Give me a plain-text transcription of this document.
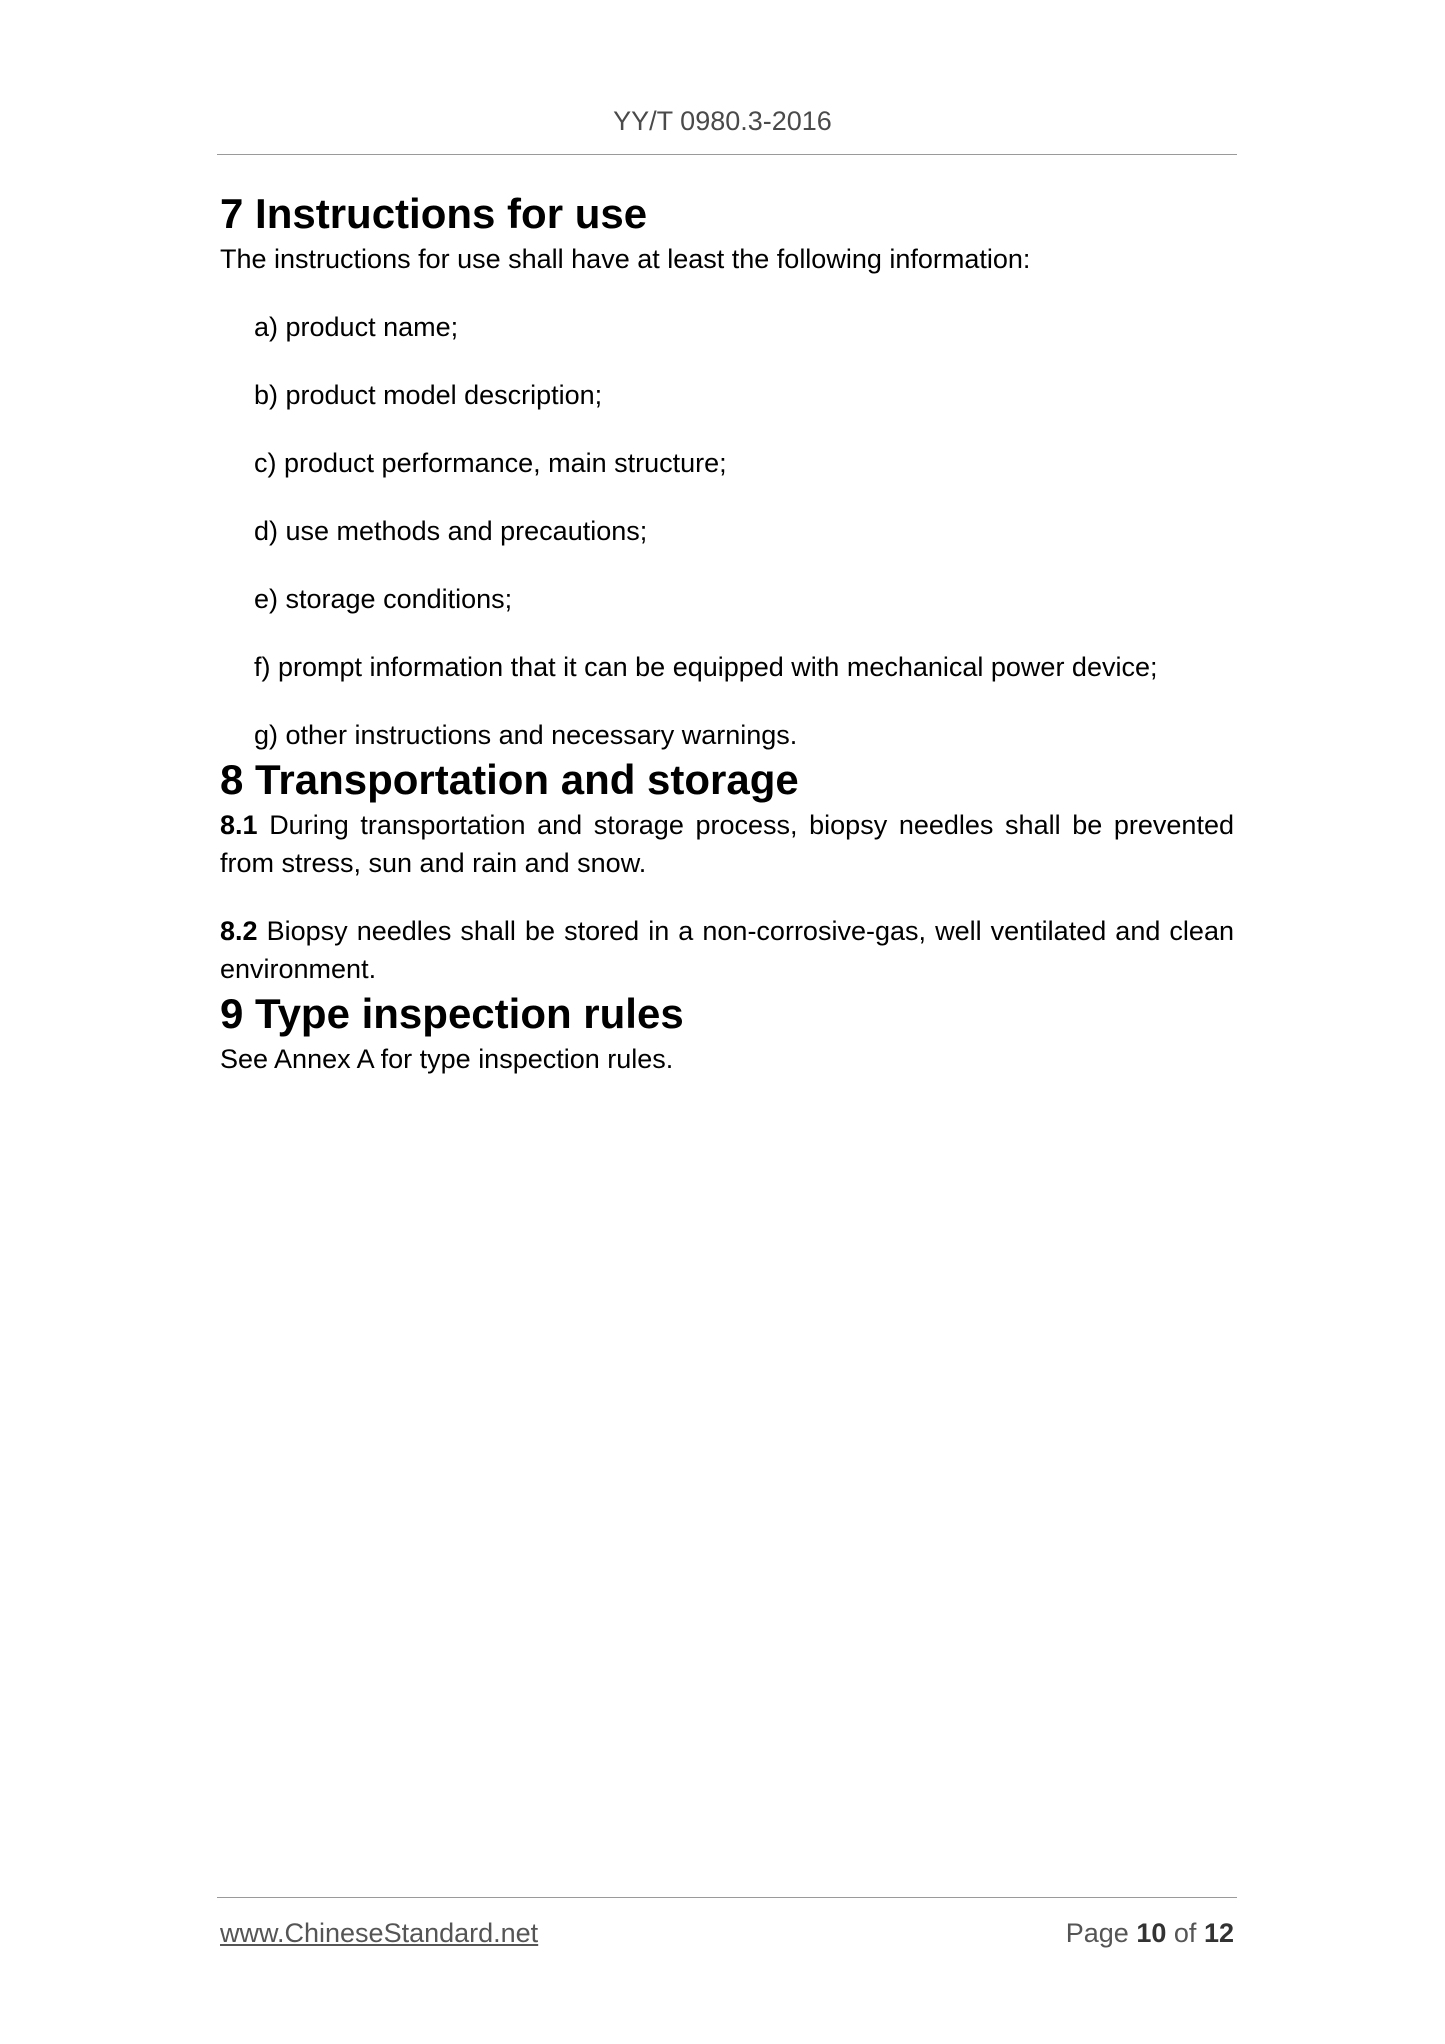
YY/T 0980.3-2016
7 Instructions for use

The instructions for use shall have at least the following information:

a) product name;
b) product model description;
c) product performance, main structure;
d) use methods and precautions;
e) storage conditions;
f) prompt information that it can be equipped with mechanical power device;
g) other instructions and necessary warnings.
8 Transportation and storage

8.1 During transportation and storage process, biopsy needles shall be prevented from stress, sun and rain and snow.

8.2 Biopsy needles shall be stored in a non-corrosive-gas, well ventilated and clean environment.

9 Type inspection rules

See Annex A for type inspection rules.

www.ChineseStandard.net	Page 10 of 12
